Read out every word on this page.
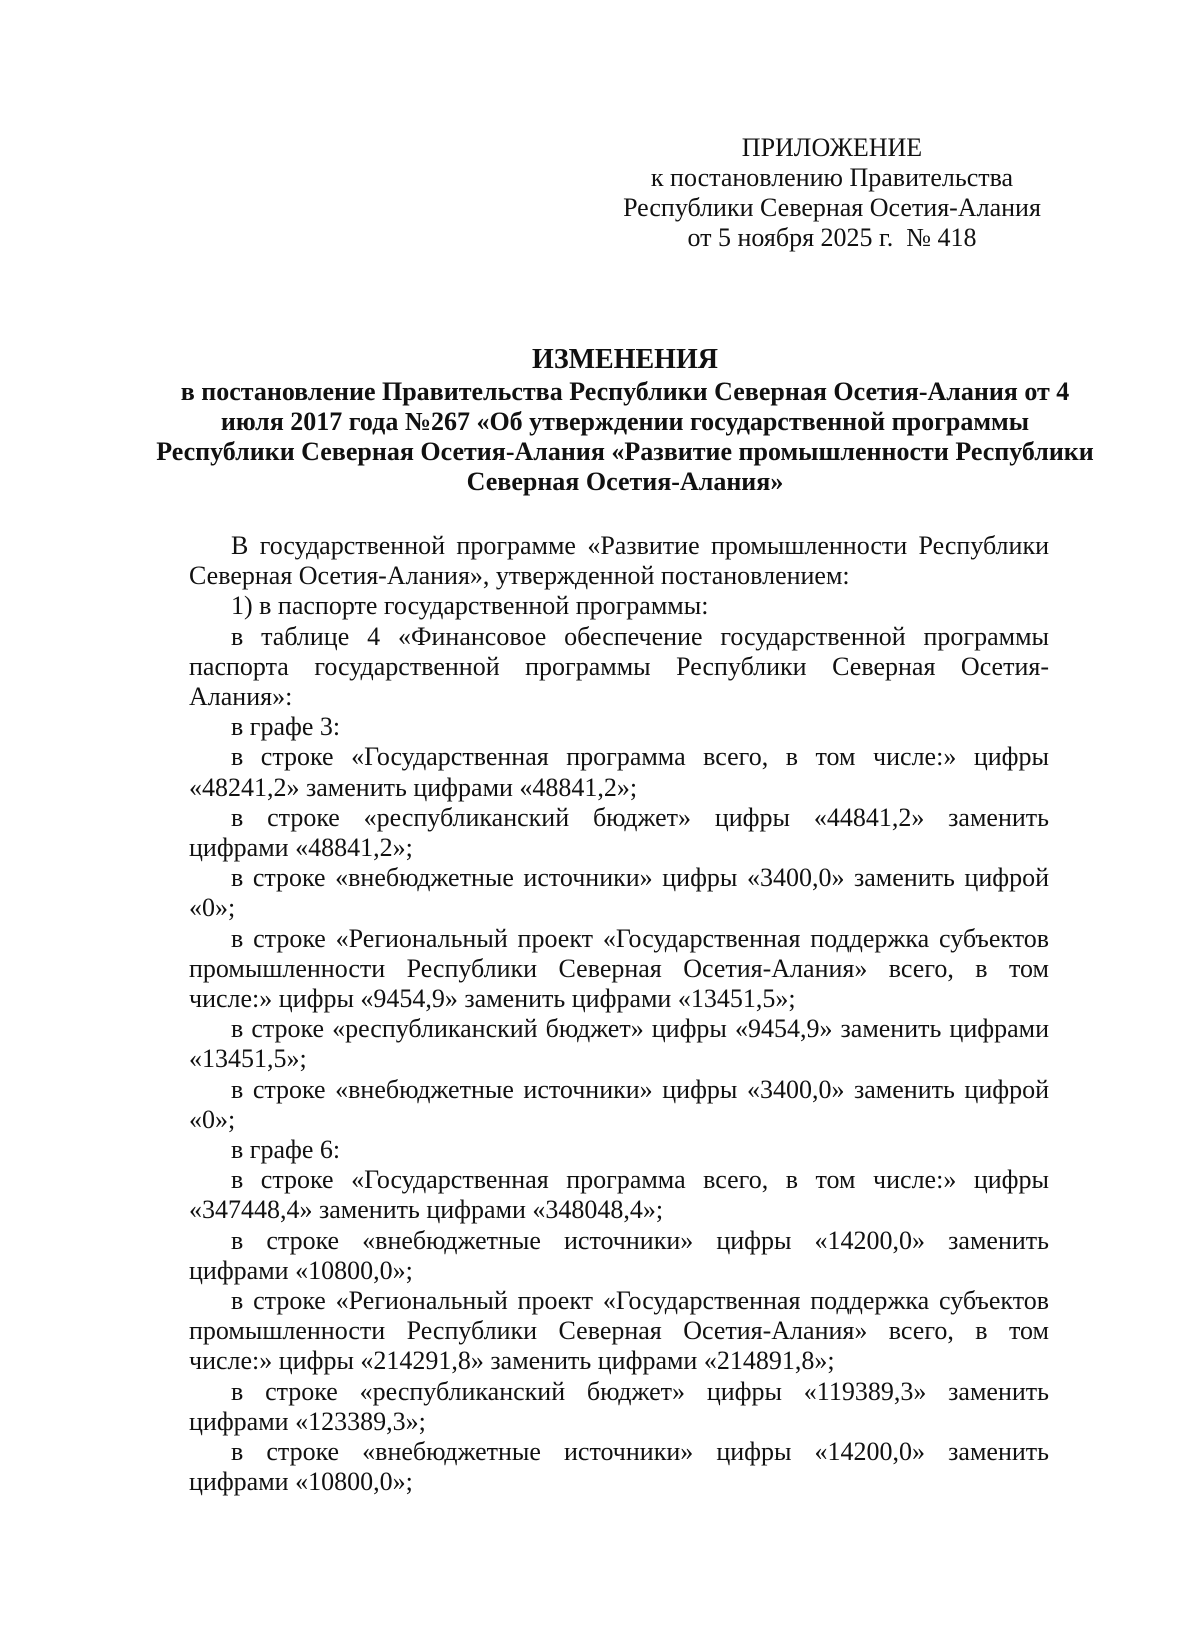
ПРИЛОЖЕНИЕ
к постановлению Правительства
Республики Северная Осетия-Алания
от 5 ноября 2025 г.  № 418
ИЗМЕНЕНИЯ
в постановление Правительства Республики Северная Осетия-Алания от 4 июля 2017 года №267 «Об утверждении государственной программы Республики Северная Осетия-Алания «Развитие промышленности Республики Северная Осетия-Алания»

В государственной программе «Развитие промышленности Республики Северная Осетия-Алания», утвержденной постановлением:

1) в паспорте государственной программы:

в таблице 4 «Финансовое обеспечение государственной программы паспорта государственной программы Республики Северная Осетия-Алания»:

в графе 3:

в строке «Государственная программа всего, в том числе:» цифры «48241,2» заменить цифрами «48841,2»;

в строке «республиканский бюджет» цифры «44841,2» заменить цифрами «48841,2»;

в строке «внебюджетные источники» цифры «3400,0» заменить цифрой «0»;

в строке «Региональный проект «Государственная поддержка субъектов промышленности Республики Северная Осетия-Алания» всего, в том числе:» цифры «9454,9» заменить цифрами «13451,5»;

в строке «республиканский бюджет» цифры «9454,9» заменить цифрами «13451,5»;

в строке «внебюджетные источники» цифры «3400,0» заменить цифрой «0»;

в графе 6:

в строке «Государственная программа всего, в том числе:» цифры «347448,4» заменить цифрами «348048,4»;

в строке «внебюджетные источники» цифры «14200,0» заменить цифрами «10800,0»;

в строке «Региональный проект «Государственная поддержка субъектов промышленности Республики Северная Осетия-Алания» всего, в том числе:» цифры «214291,8» заменить цифрами «214891,8»;

в строке «республиканский бюджет» цифры «119389,3» заменить цифрами «123389,3»;

в строке «внебюджетные источники» цифры «14200,0» заменить цифрами «10800,0»;
